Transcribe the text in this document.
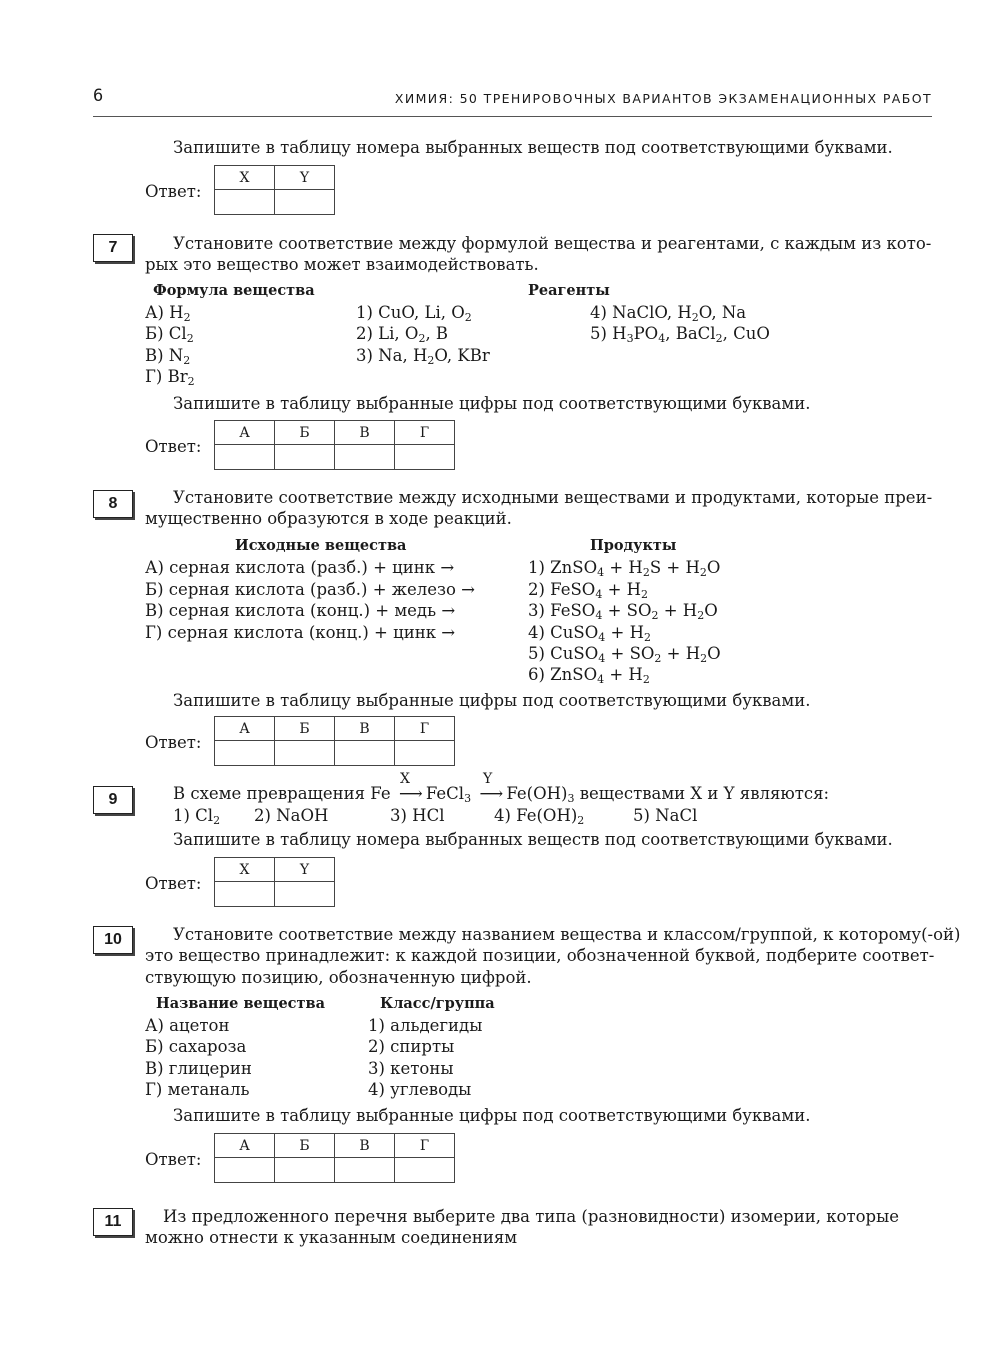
6	ХИМИЯ: 50 ТРЕНИРОВОЧНЫХ ВАРИАНТОВ ЭКЗАМЕНАЦИОННЫХ РАБОТ
Запишите в таблицу номера выбранных веществ под соответствующими буквами.
Ответ:
X	Y

7	Установите соответствие между формулой вещества и реагентами, с каждым из кото-
рых это вещество может взаимодействовать.
Формула вещества	Реагенты
А) $H_2$
Б) $Cl_2$
В) $N_2$
Г) $Br_2$
1) CuO, Li, $O_2$
2) Li, $O_2$, B
3) Na, $H_2O$, KBr
4) NaClO, $H_2O$, Na
5) $H_3PO_4$, BaCl$_2$, CuO
Запишите в таблицу выбранные цифры под соответствующими буквами.
Ответ:
А	Б	В	Г

8	Установите соответствие между исходными веществами и продуктами, которые преи-
мущественно образуются в ходе реакций.
Исходные вещества	Продукты
А) серная кислота (разб.) + цинк →
Б) серная кислота (разб.) + железо →
В) серная кислота (конц.) + медь →
Г) серная кислота (конц.) + цинк →
1) ZnSO$_4$ + $H_2S + H_2O$
2) FeSO$_4$ + $H_2$
3) FeSO$_4$ + $SO_2 + H_2O$
4) CuSO$_4$ + $H_2$
5) CuSO$_4$ + $SO_2 + H_2O$
6) ZnSO$_4$ + $H_2$
Запишите в таблицу выбранные цифры под соответствующими буквами.
Ответ:
А	Б	В	Г

9	В схеме превращения Fe ⟶ FeCl$_3$ ⟶ $Fe(OH)_3$ веществами X и Y являются:
X	Y
1) $Cl_2$ 2) NaOH	3) HCl	4) $Fe(OH)_2$	5) NaCl
Запишите в таблицу номера выбранных веществ под соответствующими буквами.
Ответ:
X	Y

10	Установите соответствие между названием вещества и классом/группой, к которому(-ой)
это вещество принадлежит: к каждой позиции, обозначенной буквой, подберите соответ-
ствующую позицию, обозначенную цифрой.
Название вещества	Класс/группа
А) ацетон
Б) сахароза
В) глицерин
Г) метаналь
1) альдегиды
2) спирты
3) кетоны
4) углеводы
Запишите в таблицу выбранные цифры под соответствующими буквами.
Ответ:
А	Б	В	Г

11	Из предложенного перечня выберите два типа (разновидности) изомерии, которые
можно отнести к указанным соединениям
